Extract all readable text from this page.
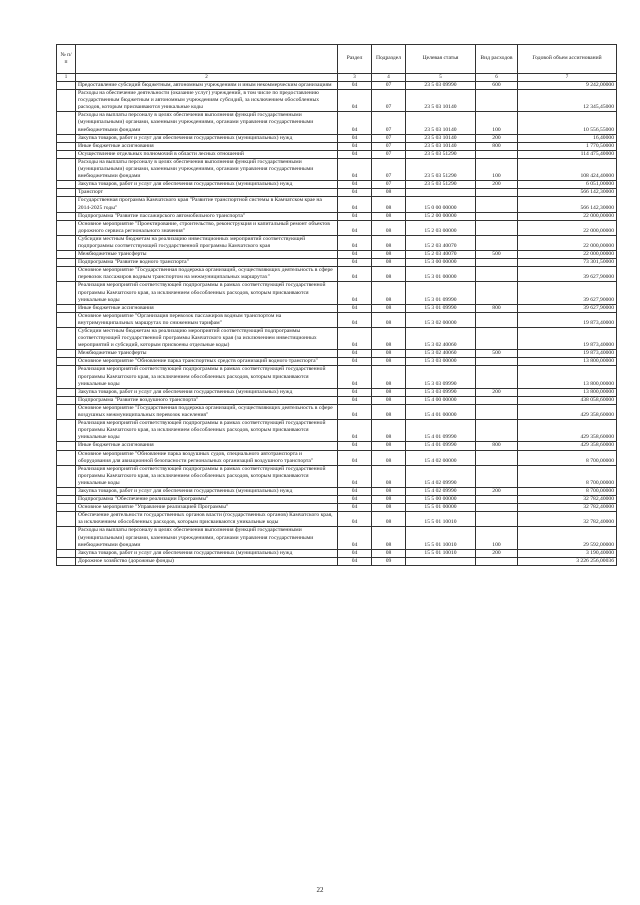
№ п/п		Раздел	Подраздел	Целевая статья	Вид расходов	Годовой объем ассигнований
1	2	3	4	5	6	7
	Предоставление субсидий бюджетным, автономным учреждениям и иным некоммерческим организациям	04	07	23 5 03 09990	600	9 242,00000
	Расходы на обеспечение деятельности (оказание услуг) учреждений, в том числе по предоставлению государственным бюджетным и автономным учреждениям субсидий, за исключением обособленных расходов, которым присваиваются уникальные коды	04	07	23 5 03 10140		12 345,45000
	Расходы на выплаты персоналу в целях обеспечения выполнения функций государственными (муниципальными) органами, казенными учреждениями, органами управления государственными внебюджетными фондами	04	07	23 5 03 10140	100	10 556,55000
	Закупка товаров, работ и услуг для обеспечения государственных (муниципальных) нужд	04	07	23 5 03 10140	200	16,40000
	Иные бюджетные ассигнования	04	07	23 5 03 10140	800	1 770,50000
	Осуществление отдельных полномочий в области лесных отношений	04	07	23 5 03 51290		114 475,40000
	Расходы на выплаты персоналу в целях обеспечения выполнения функций государственными (муниципальными) органами, казенными учреждениями, органами управления государственными внебюджетными фондами	04	07	23 5 03 51290	100	108 424,40000
	Закупка товаров, работ и услуг для обеспечения государственных (муниципальных) нужд	04	07	23 5 03 51290	200	6 051,00000
	Транспорт	04	08			566 142,30000
	Государственная программа Камчатского края "Развитие транспортной системы в Камчатском крае на 2014-2025 годы"	04	08	15 0 00 00000		566 142,30000
	Подпрограмма "Развитие пассажирского автомобильного транспорта"	04	08	15 2 00 00000		22 000,00000
	Основное мероприятие "Проектирование, строительство, реконструкция и капитальный ремонт объектов дорожного сервиса регионального значения"	04	08	15 2 03 00000		22 000,00000
	Субсидии местным бюджетам на реализацию инвестиционных мероприятий соответствующей подпрограммы соответствующей государственной программы Камчатского края	04	08	15 2 03 40070		22 000,00000
	Межбюджетные трансферты	04	08	15 2 03 40070	500	22 000,00000
	Подпрограмма "Развитие водного транспорта"	04	08	15 3 00 00000		73 301,50000
	Основное мероприятие "Государственная поддержка организаций, осуществляющих деятельность в сфере перевозок пассажиров водным транспортом на межмуниципальных маршрутах"	04	08	15 3 01 00000		39 627,90000
	Реализация мероприятий соответствующей подпрограммы в рамках соответствующей государственной программы Камчатского края, за исключением обособленных расходов, которым присваиваются уникальные коды	04	08	15 3 01 09990		39 627,90000
	Иные бюджетные ассигнования	04	08	15 3 01 09990	800	39 627,90000
	Основное мероприятие "Организация перевозок пассажиров водным транспортом на внутримуниципальных маршрутах по сниженным тарифам"	04	08	15 3 02 00000		19 873,40000
	Субсидии местным бюджетам на реализацию мероприятий соответствующей подпрограммы соответствующей государственной программы Камчатского края (за исключением инвестиционных мероприятий и субсидий, которым присвоены отдельные коды)	04	08	15 3 02 40060		19 873,40000
	Межбюджетные трансферты	04	08	15 3 02 40060	500	19 873,40000
	Основное мероприятие "Обновление парка транспортных средств организаций водного транспорта"	04	08	15 3 03 00000		13 800,00000
	Реализация мероприятий соответствующей подпрограммы в рамках соответствующей государственной программы Камчатского края, за исключением обособленных расходов, которым присваиваются уникальные коды	04	08	15 3 03 09990		13 800,00000
	Закупка товаров, работ и услуг для обеспечения государственных (муниципальных) нужд	04	08	15 3 03 09990	200	13 800,00000
	Подпрограмма "Развитие воздушного транспорта"	04	08	15 4 00 00000		438 058,60000
	Основное мероприятие "Государственная поддержка организаций, осуществляющих деятельность в сфере воздушных межмуниципальных перевозок населения"	04	08	15 4 01 00000		429 358,60000
	Реализация мероприятий соответствующей подпрограммы в рамках соответствующей государственной программы Камчатского края, за исключением обособленных расходов, которым присваиваются уникальные коды	04	08	15 4 01 09990		429 358,60000
	Иные бюджетные ассигнования	04	08	15 4 01 09990	800	429 358,60000
	Основное мероприятие "Обновление парка воздушных судов, специального автотранспорта и оборудования для авиационной безопасности региональных организаций воздушного транспорта"	04	08	15 4 02 00000		8 700,00000
	Реализация мероприятий соответствующей подпрограммы в рамках соответствующей государственной программы Камчатского края, за исключением обособленных расходов, которым присваиваются уникальные коды	04	08	15 4 02 09990		8 700,00000
	Закупка товаров, работ и услуг для обеспечения государственных (муниципальных) нужд	04	08	15 4 02 09990	200	8 700,00000
	Подпрограмма "Обеспечение реализации Программы"	04	08	15 5 00 00000		32 782,40000
	Основное мероприятие "Управление реализацией Программы"	04	08	15 5 01 00000		32 782,40000
	Обеспечение деятельности государственных органов власти (государственных органов) Камчатского края, за исключением обособленных расходов, которым присваиваются уникальные коды	04	08	15 5 01 10010		32 782,40000
	Расходы на выплаты персоналу в целях обеспечения выполнения функций государственными (муниципальными) органами, казенными учреждениями, органами управления государственными внебюджетными фондами	04	08	15 5 01 10010	100	29 592,00000
	Закупка товаров, работ и услуг для обеспечения государственных (муниципальных) нужд	04	08	15 5 01 10010	200	3 190,40000
	Дорожное хозяйство (дорожные фонды)	04	09			3 226 256,00036
22
